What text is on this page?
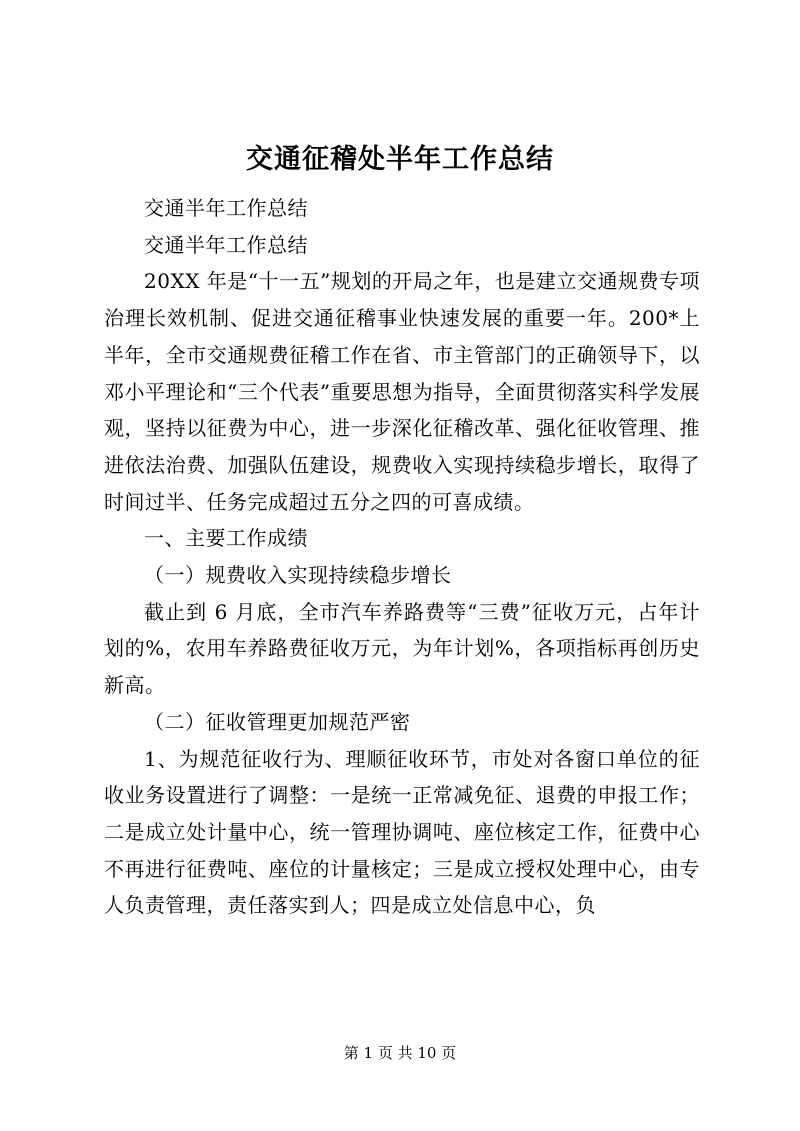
交通征稽处半年工作总结

交通半年工作总结

交通半年工作总结

20XX 年是“十一五”规划的开局之年，也是建立交通规费专项治理长效机制、促进交通征稽事业快速发展的重要一年。200*上半年，全市交通规费征稽工作在省、市主管部门的正确领导下，以邓小平理论和“三个代表”重要思想为指导，全面贯彻落实科学发展观，坚持以征费为中心，进一步深化征稽改革、强化征收管理、推进依法治费、加强队伍建设，规费收入实现持续稳步增长，取得了时间过半、任务完成超过五分之四的可喜成绩。

一、主要工作成绩

（一）规费收入实现持续稳步增长

截止到 6 月底，全市汽车养路费等“三费”征收万元，占年计划的%，农用车养路费征收万元，为年计划%，各项指标再创历史新高。

（二）征收管理更加规范严密

1、为规范征收行为、理顺征收环节，市处对各窗口单位的征收业务设置进行了调整：一是统一正常减免征、退费的申报工作；二是成立处计量中心，统一管理协调吨、座位核定工作，征费中心不再进行征费吨、座位的计量核定；三是成立授权处理中心，由专人负责管理，责任落实到人；四是成立处信息中心，负

第 1 页 共 10 页
